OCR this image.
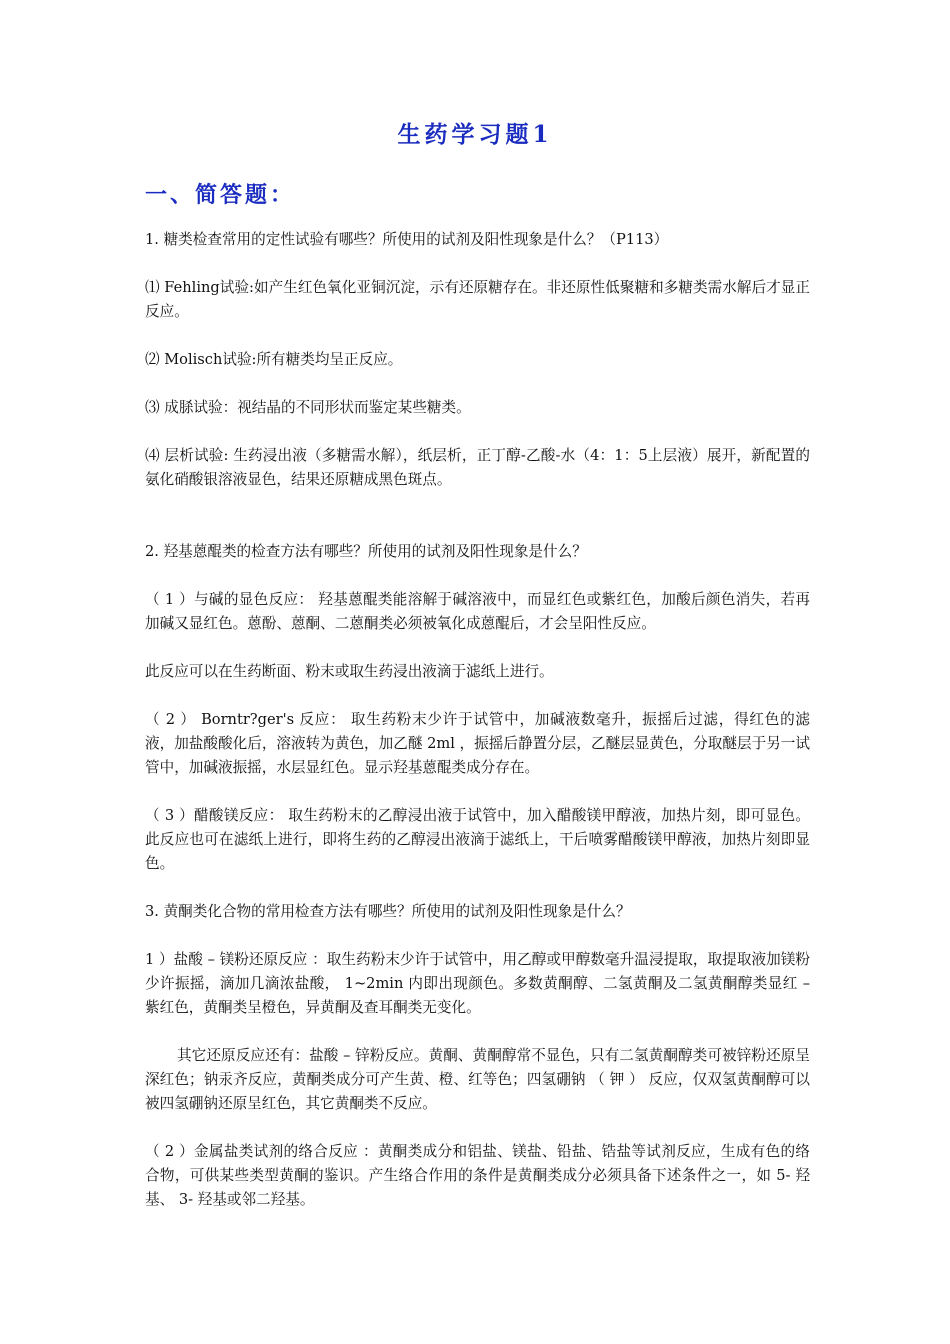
生药学习题1
一、简答题：

1. 糖类检查常用的定性试验有哪些？所使用的试剂及阳性现象是什么？（P113）

⑴ Fehling试验:如产生红色氧化亚铜沉淀，示有还原糖存在。非还原性低聚糖和多糖类需水解后才显正反应。

⑵ Molisch试验:所有糖类均呈正反应。

⑶ 成脎试验：视结晶的不同形状而鉴定某些糖类。

⑷ 层析试验: 生药浸出液（多糖需水解），纸层析，正丁醇-乙酸-水（4：1：5上层液）展开，新配置的氨化硝酸银溶液显色，结果还原糖成黑色斑点。

2. 羟基蒽醌类的检查方法有哪些？所使用的试剂及阳性现象是什么？

（ 1 ）与碱的显色反应： 羟基蒽醌类能溶解于碱溶液中，而显红色或紫红色，加酸后颜色消失，若再加碱又显红色。蒽酚、蒽酮、二蒽酮类必须被氧化成蒽醌后，才会呈阳性反应。

此反应可以在生药断面、粉末或取生药浸出液滴于滤纸上进行。

（ 2 ） Borntr?ger's 反应： 取生药粉末少许于试管中，加碱液数毫升，振摇后过滤，得红色的滤液，加盐酸酸化后，溶液转为黄色，加乙醚 2ml ，振摇后静置分层，乙醚层显黄色，分取醚层于另一试管中，加碱液振摇，水层显红色。显示羟基蒽醌类成分存在。

（ 3 ）醋酸镁反应： 取生药粉末的乙醇浸出液于试管中，加入醋酸镁甲醇液，加热片刻，即可显色。此反应也可在滤纸上进行，即将生药的乙醇浸出液滴于滤纸上，干后喷雾醋酸镁甲醇液，加热片刻即显色。

3. 黄酮类化合物的常用检查方法有哪些？所使用的试剂及阳性现象是什么？

1 ）盐酸 – 镁粉还原反应 ：取生药粉末少许于试管中，用乙醇或甲醇数毫升温浸提取，取提取液加镁粉少许振摇，滴加几滴浓盐酸， 1~2min 内即出现颜色。多数黄酮醇、二氢黄酮及二氢黄酮醇类显红 – 紫红色，黄酮类呈橙色，异黄酮及查耳酮类无变化。

其它还原反应还有：盐酸 – 锌粉反应。黄酮、黄酮醇常不显色，只有二氢黄酮醇类可被锌粉还原呈深红色；钠汞齐反应，黄酮类成分可产生黄、橙、红等色；四氢硼钠 （ 钾 ） 反应，仅双氢黄酮醇可以被四氢硼钠还原呈红色，其它黄酮类不反应。

（ 2 ）金属盐类试剂的络合反应 ：黄酮类成分和铝盐、镁盐、铅盐、锆盐等试剂反应，生成有色的络合物，可供某些类型黄酮的鉴识。产生络合作用的条件是黄酮类成分必须具备下述条件之一，如 5- 羟基、 3- 羟基或邻二羟基。
